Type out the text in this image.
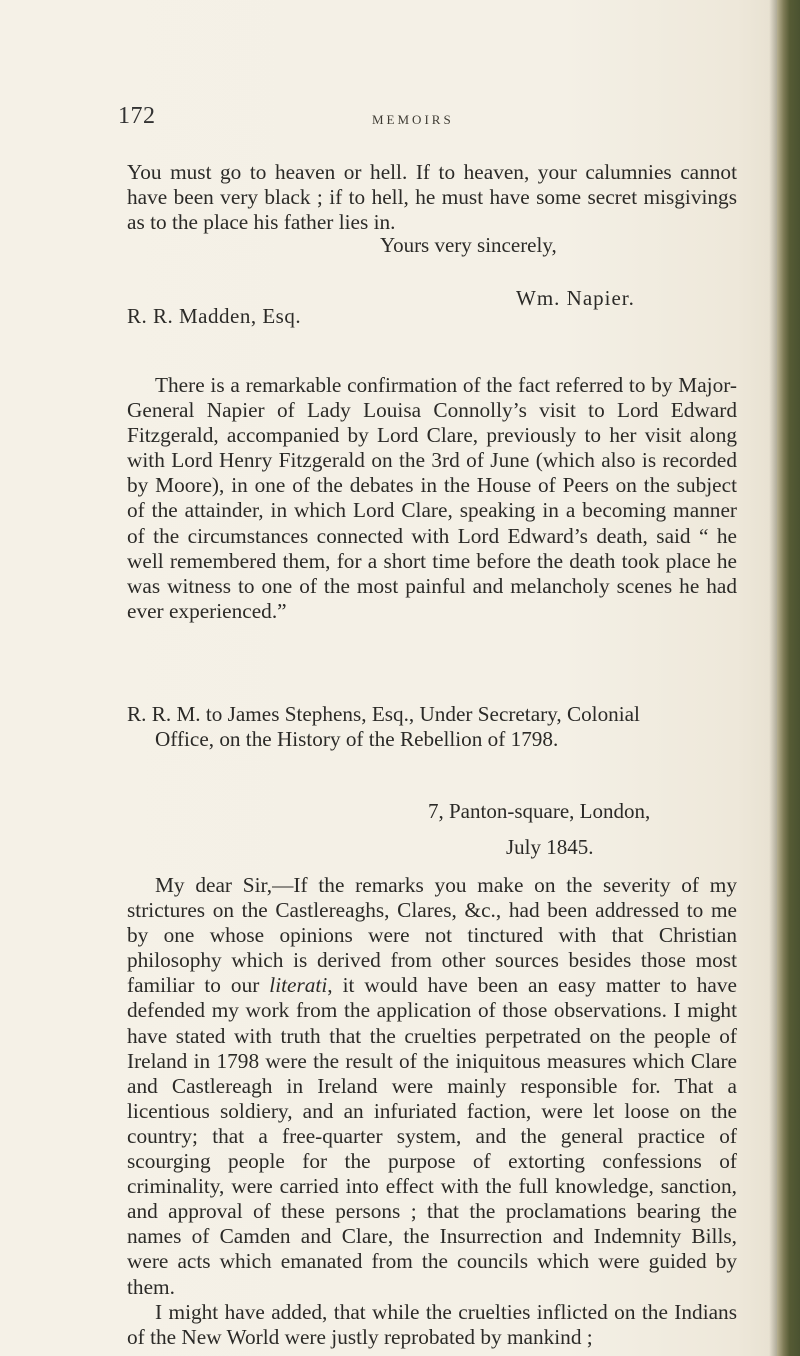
172	MEMOIRS

You must go to heaven or hell. If to heaven, your calumnies cannot have been very black ; if to hell, he must have some secret misgivings as to the place his father lies in.

Yours very sincerely,
Wm. Napier.
R. R. Madden, Esq.

There is a remarkable confirmation of the fact referred to by Major-General Napier of Lady Louisa Connolly’s visit to Lord Edward Fitzgerald, accompanied by Lord Clare, previously to her visit along with Lord Henry Fitzgerald on the 3rd of June (which also is recorded by Moore), in one of the debates in the House of Peers on the subject of the attainder, in which Lord Clare, speaking in a becoming manner of the circumstances connected with Lord Edward’s death, said “ he well remembered them, for a short time before the death took place he was witness to one of the most painful and melancholy scenes he had ever experienced.”

R. R. M. to James Stephens, Esq., Under Secretary, Colonial
Office, on the History of the Rebellion of 1798.
7, Panton-square, London,
July 1845.

My dear Sir,—If the remarks you make on the severity of my strictures on the Castlereaghs, Clares, &c., had been addressed to me by one whose opinions were not tinctured with that Christian philosophy which is derived from other sources besides those most familiar to our literati, it would have been an easy matter to have defended my work from the application of those observations. I might have stated with truth that the cruelties perpetrated on the people of Ireland in 1798 were the result of the iniquitous measures which Clare and Castlereagh in Ireland were mainly responsible for. That a licentious soldiery, and an infuriated faction, were let loose on the country; that a free-quarter system, and the general practice of scourging people for the purpose of extorting confessions of criminality, were carried into effect with the full knowledge, sanction, and approval of these persons ; that the proclamations bearing the names of Camden and Clare, the Insurrection and Indemnity Bills, were acts which emanated from the councils which were guided by them.

I might have added, that while the cruelties inflicted on the Indians of the New World were justly reprobated by mankind ;
